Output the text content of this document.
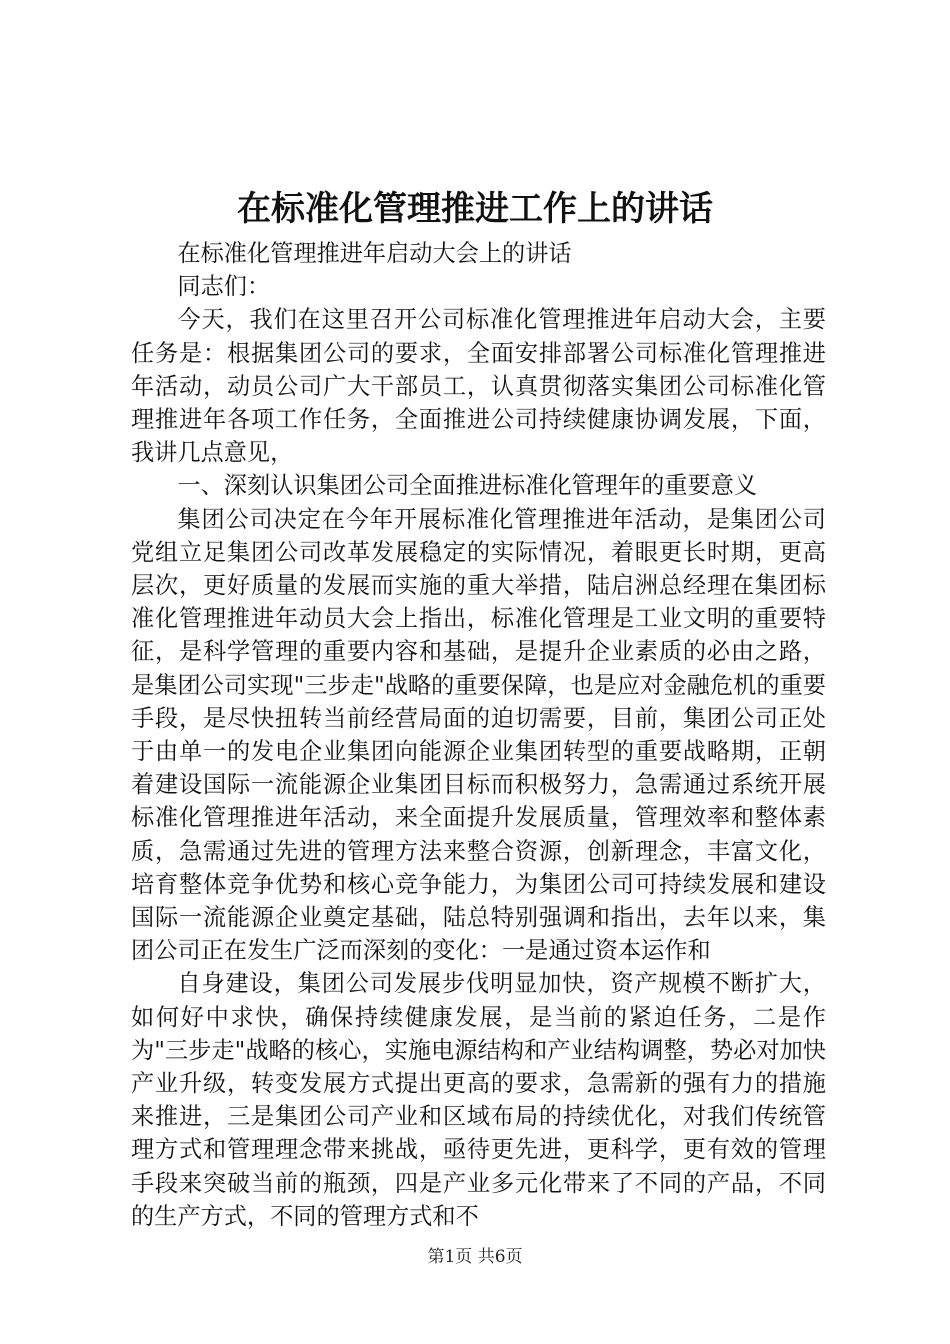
在标准化管理推进工作上的讲话

在标准化管理推进年启动大会上的讲话

同志们：

今天，我们在这里召开公司标准化管理推进年启动大会，主要任务是：根据集团公司的要求，全面安排部署公司标准化管理推进年活动，动员公司广大干部员工，认真贯彻落实集团公司标准化管理推进年各项工作任务，全面推进公司持续健康协调发展，下面，我讲几点意见，

一、深刻认识集团公司全面推进标准化管理年的重要意义

集团公司决定在今年开展标准化管理推进年活动，是集团公司党组立足集团公司改革发展稳定的实际情况，着眼更长时期，更高层次，更好质量的发展而实施的重大举措，陆启洲总经理在集团标准化管理推进年动员大会上指出，标准化管理是工业文明的重要特征，是科学管理的重要内容和基础，是提升企业素质的必由之路，是集团公司实现"三步走"战略的重要保障，也是应对金融危机的重要手段，是尽快扭转当前经营局面的迫切需要，目前，集团公司正处于由单一的发电企业集团向能源企业集团转型的重要战略期，正朝着建设国际一流能源企业集团目标而积极努力，急需通过系统开展标准化管理推进年活动，来全面提升发展质量，管理效率和整体素质，急需通过先进的管理方法来整合资源，创新理念，丰富文化，培育整体竞争优势和核心竞争能力，为集团公司可持续发展和建设国际一流能源企业奠定基础，陆总特别强调和指出，去年以来，集团公司正在发生广泛而深刻的变化：一是通过资本运作和

自身建设，集团公司发展步伐明显加快，资产规模不断扩大，如何好中求快，确保持续健康发展，是当前的紧迫任务，二是作为"三步走"战略的核心，实施电源结构和产业结构调整，势必对加快产业升级，转变发展方式提出更高的要求，急需新的强有力的措施来推进，三是集团公司产业和区域布局的持续优化，对我们传统管理方式和管理理念带来挑战，亟待更先进，更科学，更有效的管理手段来突破当前的瓶颈，四是产业多元化带来了不同的产品，不同的生产方式，不同的管理方式和不

第1页 共6页
